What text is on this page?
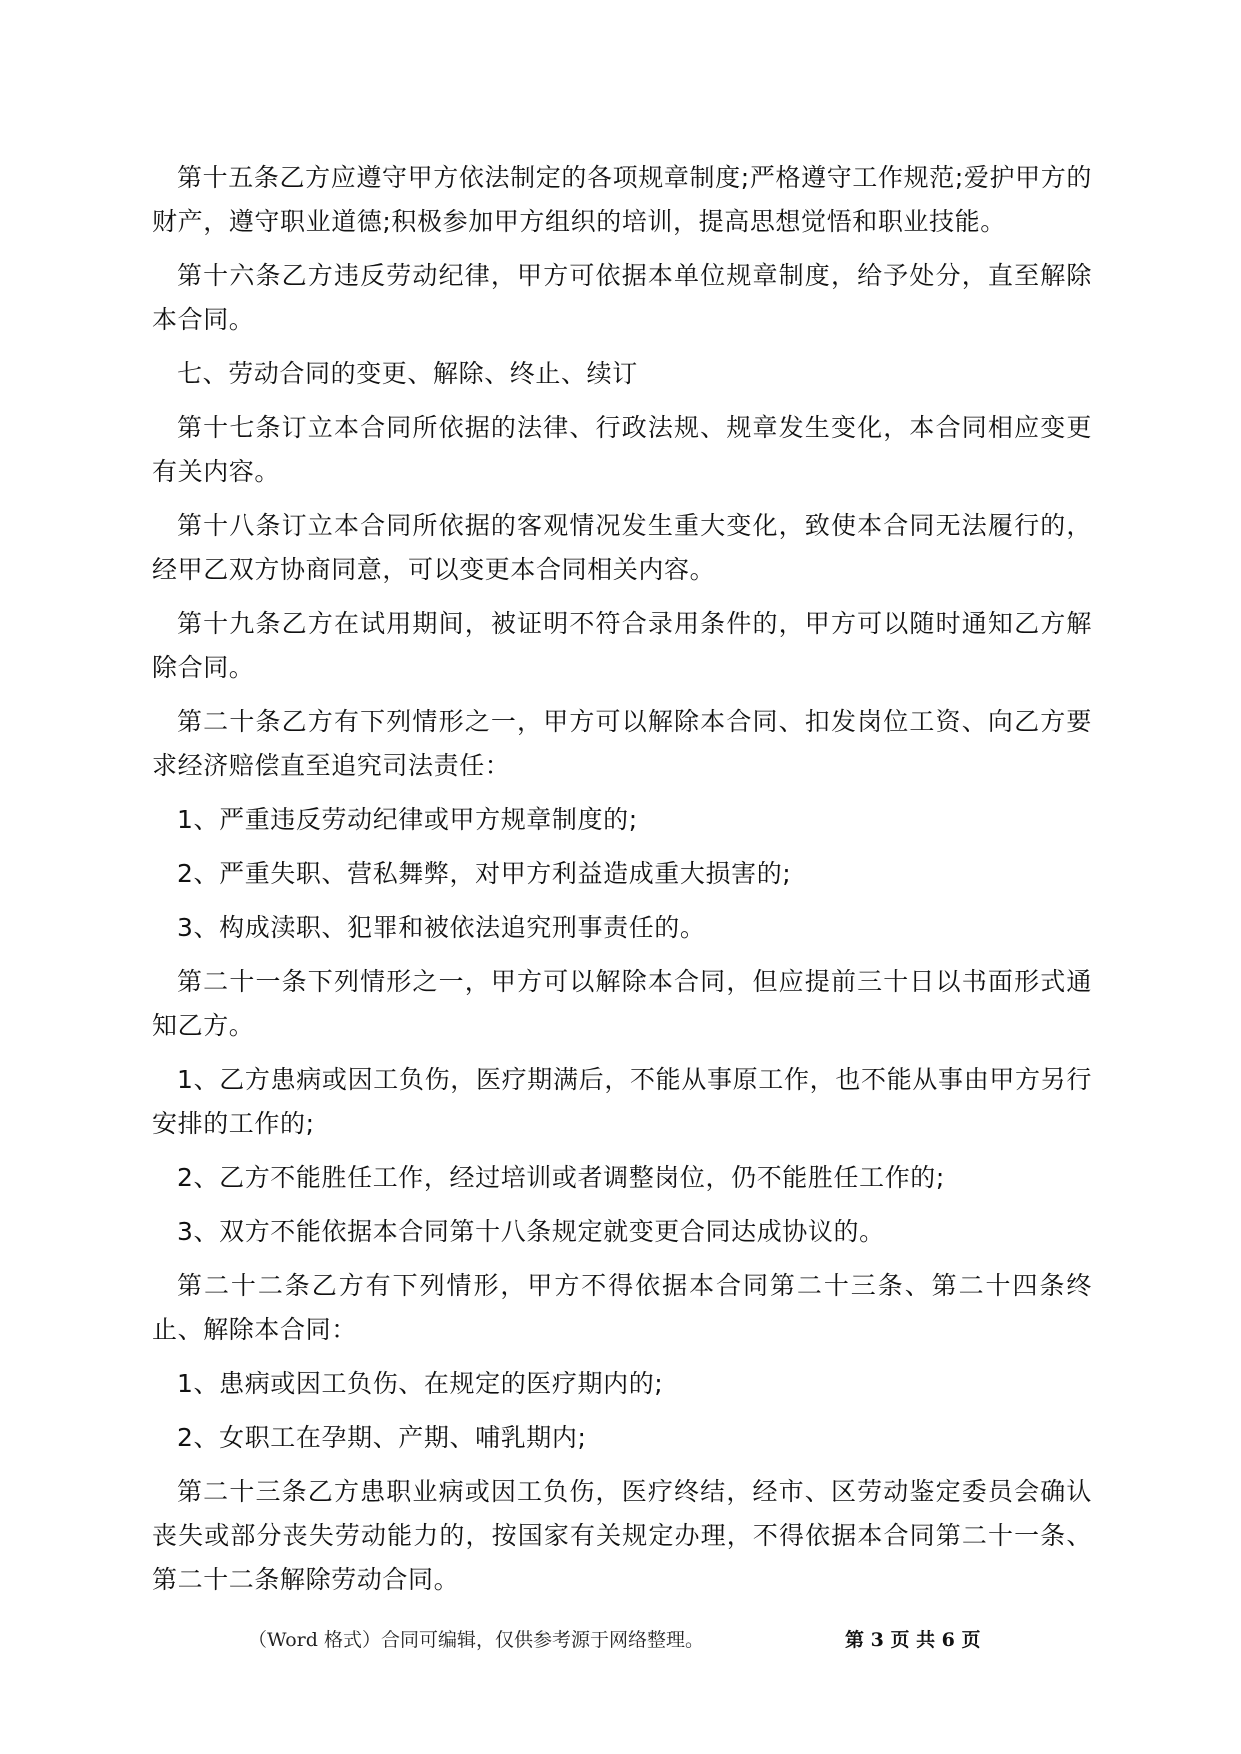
第十五条乙方应遵守甲方依法制定的各项规章制度;严格遵守工作规范;爱护甲方的财产，遵守职业道德;积极参加甲方组织的培训，提高思想觉悟和职业技能。

第十六条乙方违反劳动纪律，甲方可依据本单位规章制度，给予处分，直至解除本合同。

七、劳动合同的变更、解除、终止、续订

第十七条订立本合同所依据的法律、行政法规、规章发生变化，本合同相应变更有关内容。

第十八条订立本合同所依据的客观情况发生重大变化，致使本合同无法履行的，经甲乙双方协商同意，可以变更本合同相关内容。

第十九条乙方在试用期间，被证明不符合录用条件的，甲方可以随时通知乙方解除合同。

第二十条乙方有下列情形之一，甲方可以解除本合同、扣发岗位工资、向乙方要求经济赔偿直至追究司法责任：

1、严重违反劳动纪律或甲方规章制度的;

2、严重失职、营私舞弊，对甲方利益造成重大损害的;

3、构成渎职、犯罪和被依法追究刑事责任的。

第二十一条下列情形之一，甲方可以解除本合同，但应提前三十日以书面形式通知乙方。

1、乙方患病或因工负伤，医疗期满后，不能从事原工作，也不能从事由甲方另行安排的工作的;

2、乙方不能胜任工作，经过培训或者调整岗位，仍不能胜任工作的;

3、双方不能依据本合同第十八条规定就变更合同达成协议的。

第二十二条乙方有下列情形，甲方不得依据本合同第二十三条、第二十四条终止、解除本合同：

1、患病或因工负伤、在规定的医疗期内的;

2、女职工在孕期、产期、哺乳期内;

第二十三条乙方患职业病或因工负伤，医疗终结，经市、区劳动鉴定委员会确认丧失或部分丧失劳动能力的，按国家有关规定办理，不得依据本合同第二十一条、第二十二条解除劳动合同。

（Word 格式）合同可编辑，仅供参考源于网络整理。	第 3 页 共 6 页
